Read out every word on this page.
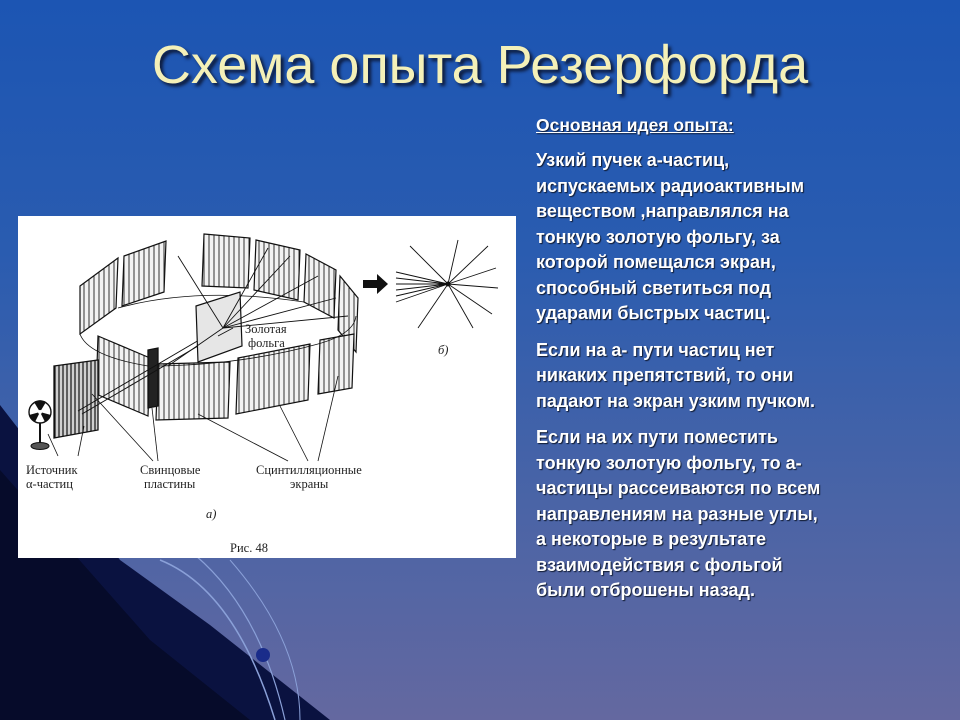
Схема опыта Резерфорда
Золотая
фольга	б)
Источник
α-частиц
Свинцовые
пластины
Сцинтилляционные
экраны
а)
Рис. 48
Основная идея опыта:
Узкий пучек а-частиц,
испускаемых радиоактивным
веществом ,направлялся на
тонкую золотую фольгу, за
которой помещался экран,
способный светиться под
ударами быстрых частиц.
Если на а- пути частиц нет
никаких препятствий, то они
падают на экран узким пучком.
Если на их пути поместить
тонкую золотую фольгу, то а-
частицы рассеиваются по всем
направлениям на разные углы,
а некоторые в результате
взаимодействия с фольгой
были отброшены назад.
